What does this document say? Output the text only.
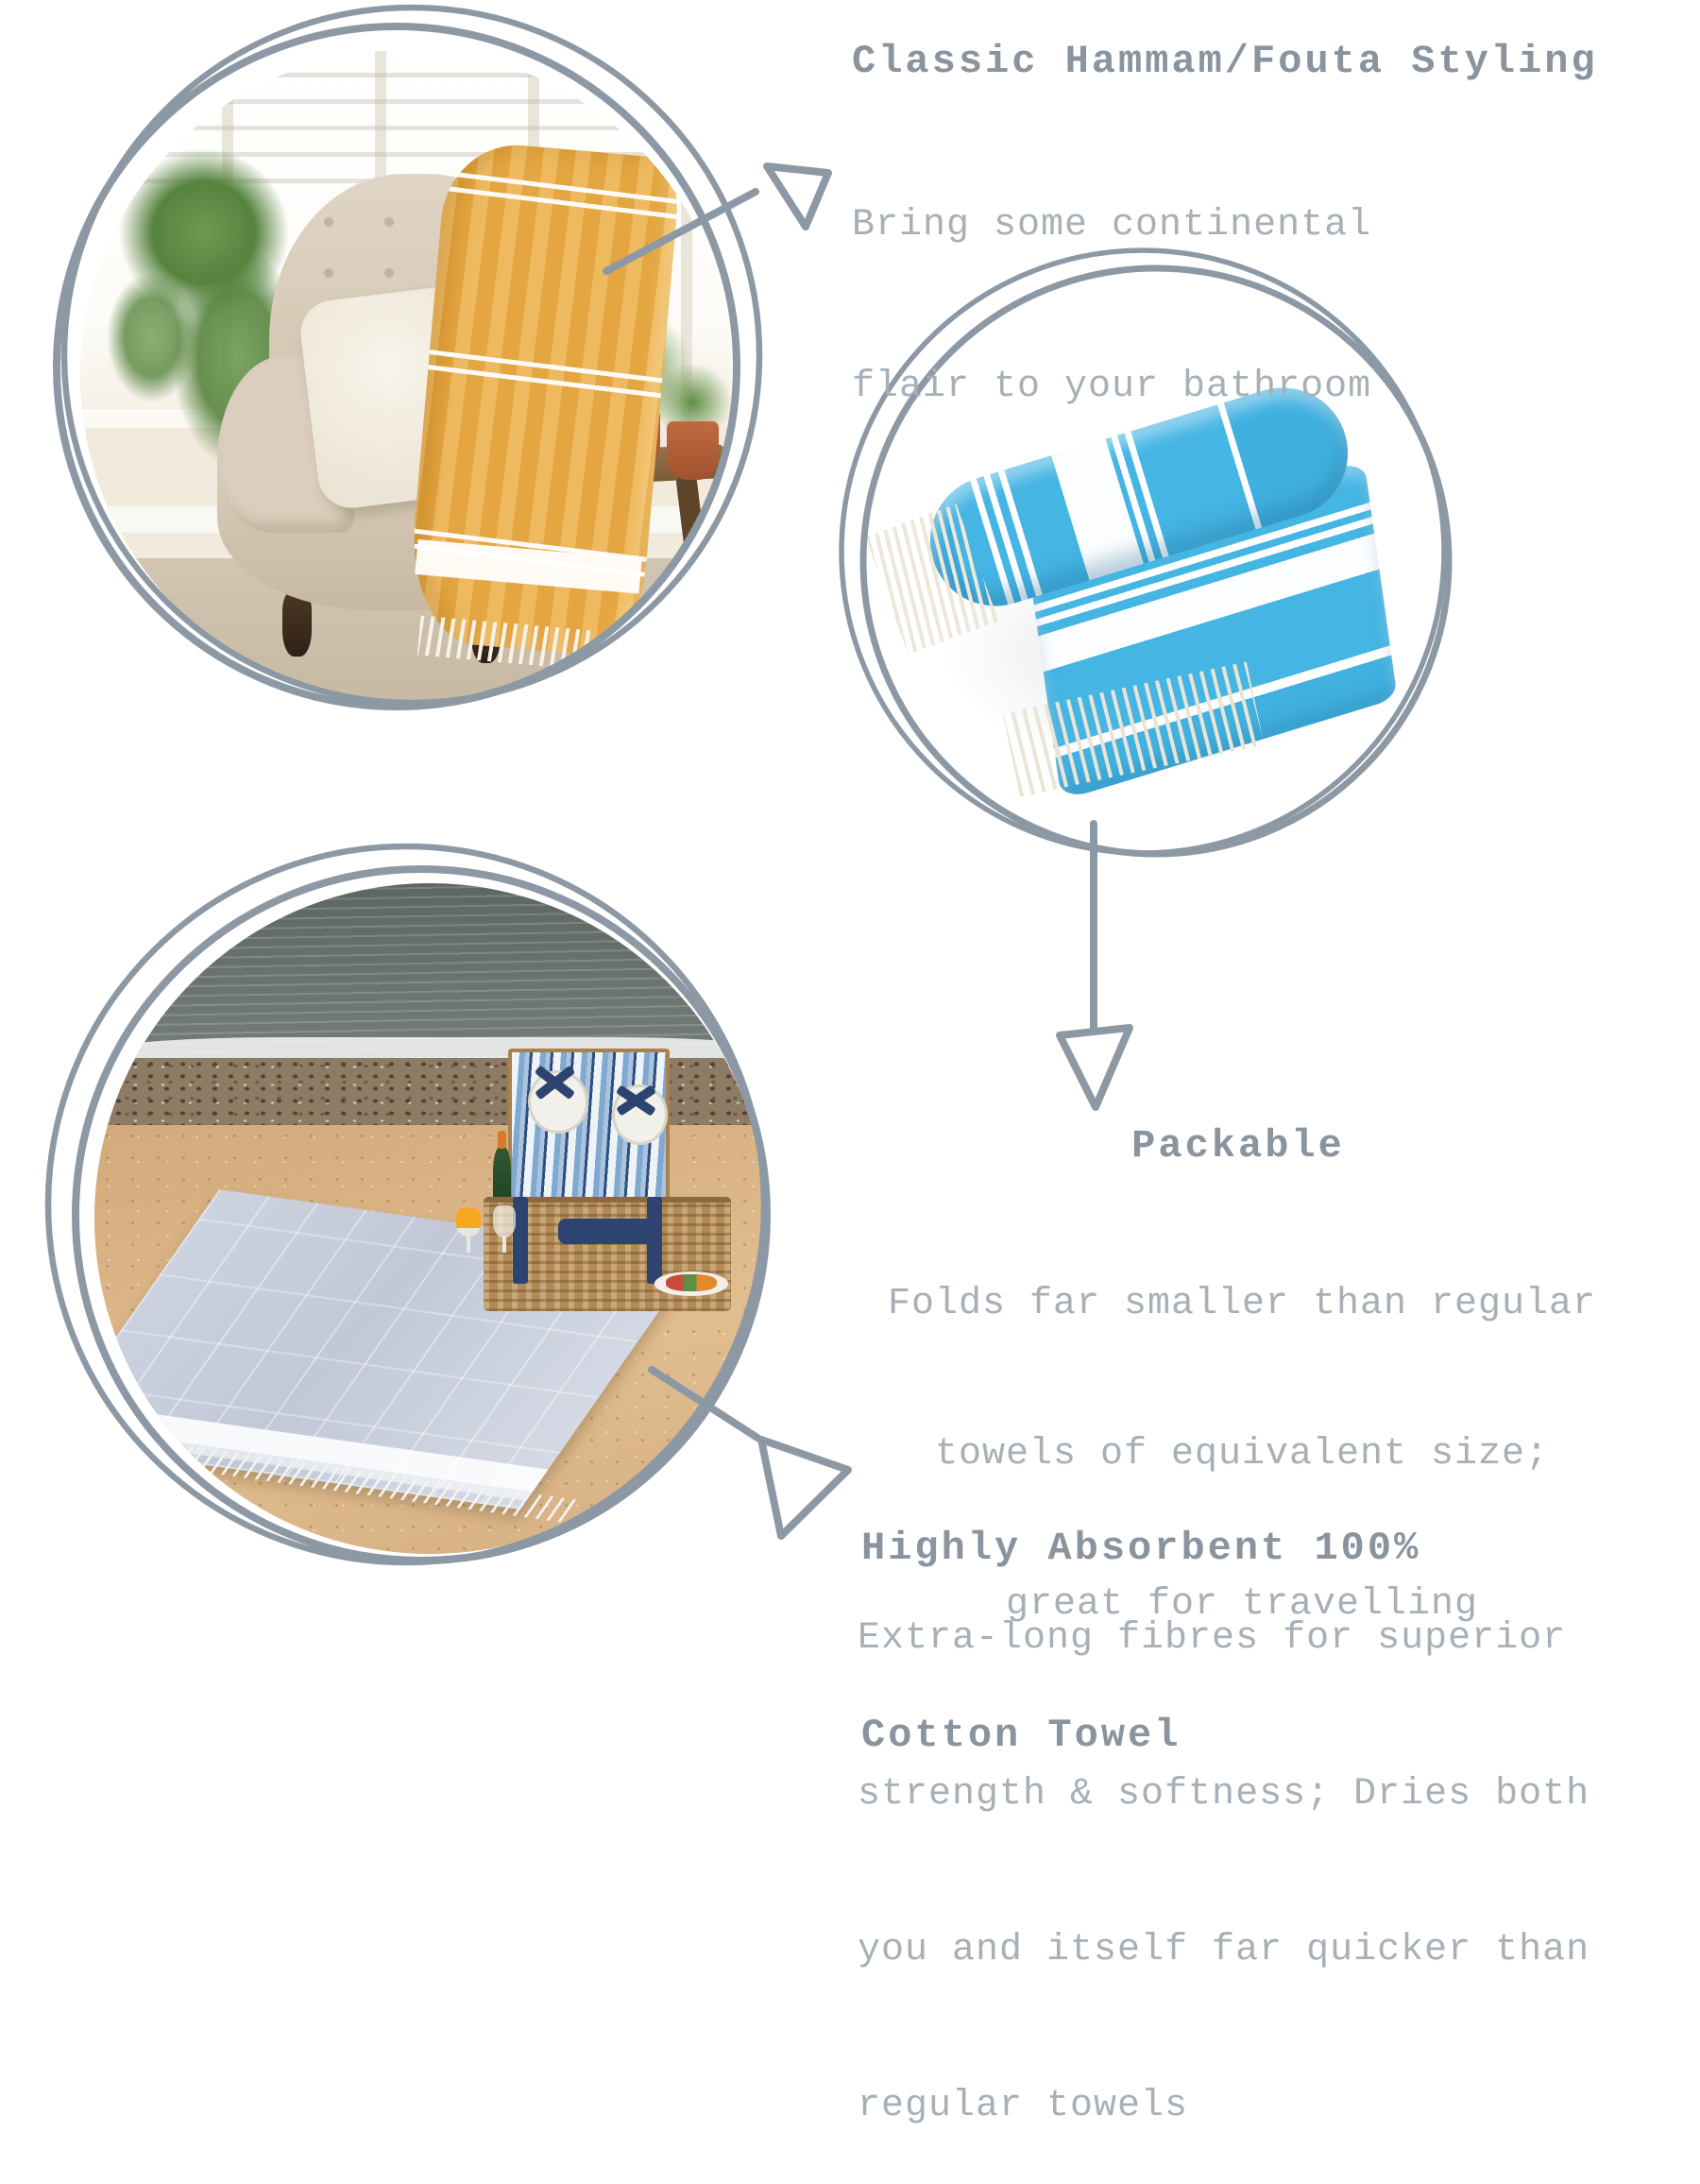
Classic Hammam/Fouta Styling

Bring some continental

flair to your bathroom

Packable

Folds far smaller than regular

towels of equivalent size;

great for travelling

Highly Absorbent 100%

Cotton Towel

Extra-long fibres for superior

strength & softness; Dries both

you and itself far quicker than

regular towels
